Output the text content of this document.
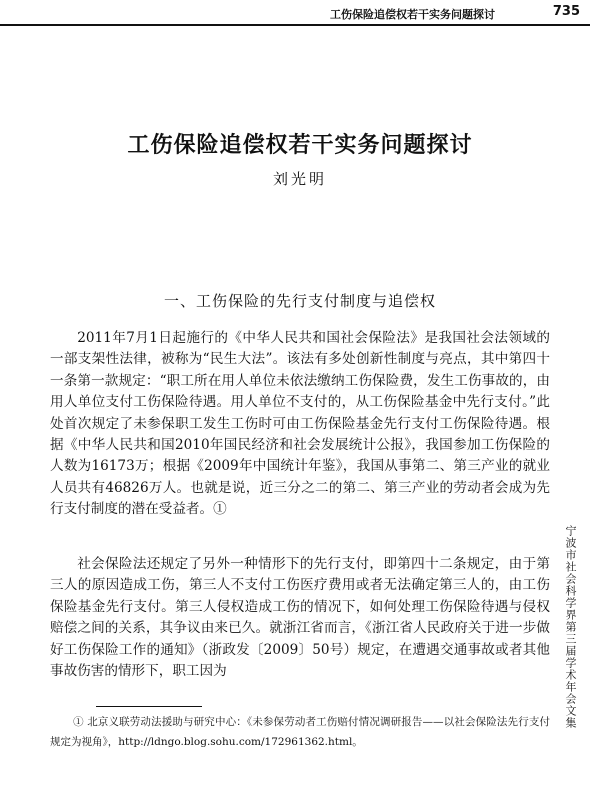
工伤保险追偿权若干实务问题探讨	735
工伤保险追偿权若干实务问题探讨
刘光明
一、工伤保险的先行支付制度与追偿权

2011年7月1日起施行的《中华人民共和国社会保险法》是我国社会法领域的一部支架性法律，被称为“民生大法”。该法有多处创新性制度与亮点，其中第四十一条第一款规定：“职工所在用人单位未依法缴纳工伤保险费，发生工伤事故的，由用人单位支付工伤保险待遇。用人单位不支付的，从工伤保险基金中先行支付。”此处首次规定了未参保职工发生工伤时可由工伤保险基金先行支付工伤保险待遇。根据《中华人民共和国2010年国民经济和社会发展统计公报》，我国参加工伤保险的人数为16173万；根据《2009年中国统计年鉴》，我国从事第二、第三产业的就业人员共有46826万人。也就是说，近三分之二的第二、第三产业的劳动者会成为先行支付制度的潜在受益者。①

社会保险法还规定了另外一种情形下的先行支付，即第四十二条规定，由于第三人的原因造成工伤，第三人不支付工伤医疗费用或者无法确定第三人的，由工伤保险基金先行支付。第三人侵权造成工伤的情况下，如何处理工伤保险待遇与侵权赔偿之间的关系，其争议由来已久。就浙江省而言，《浙江省人民政府关于进一步做好工伤保险工作的通知》（浙政发〔2009〕50号）规定，在遭遇交通事故或者其他事故伤害的情形下，职工因为

① 北京义联劳动法援助与研究中心：《未参保劳动者工伤赔付情况调研报告——以社会保险法先行支付规定为视角》，http://ldngo.blog.sohu.com/172961362.html。

宁波市社会科学界第三届学术年会文集
